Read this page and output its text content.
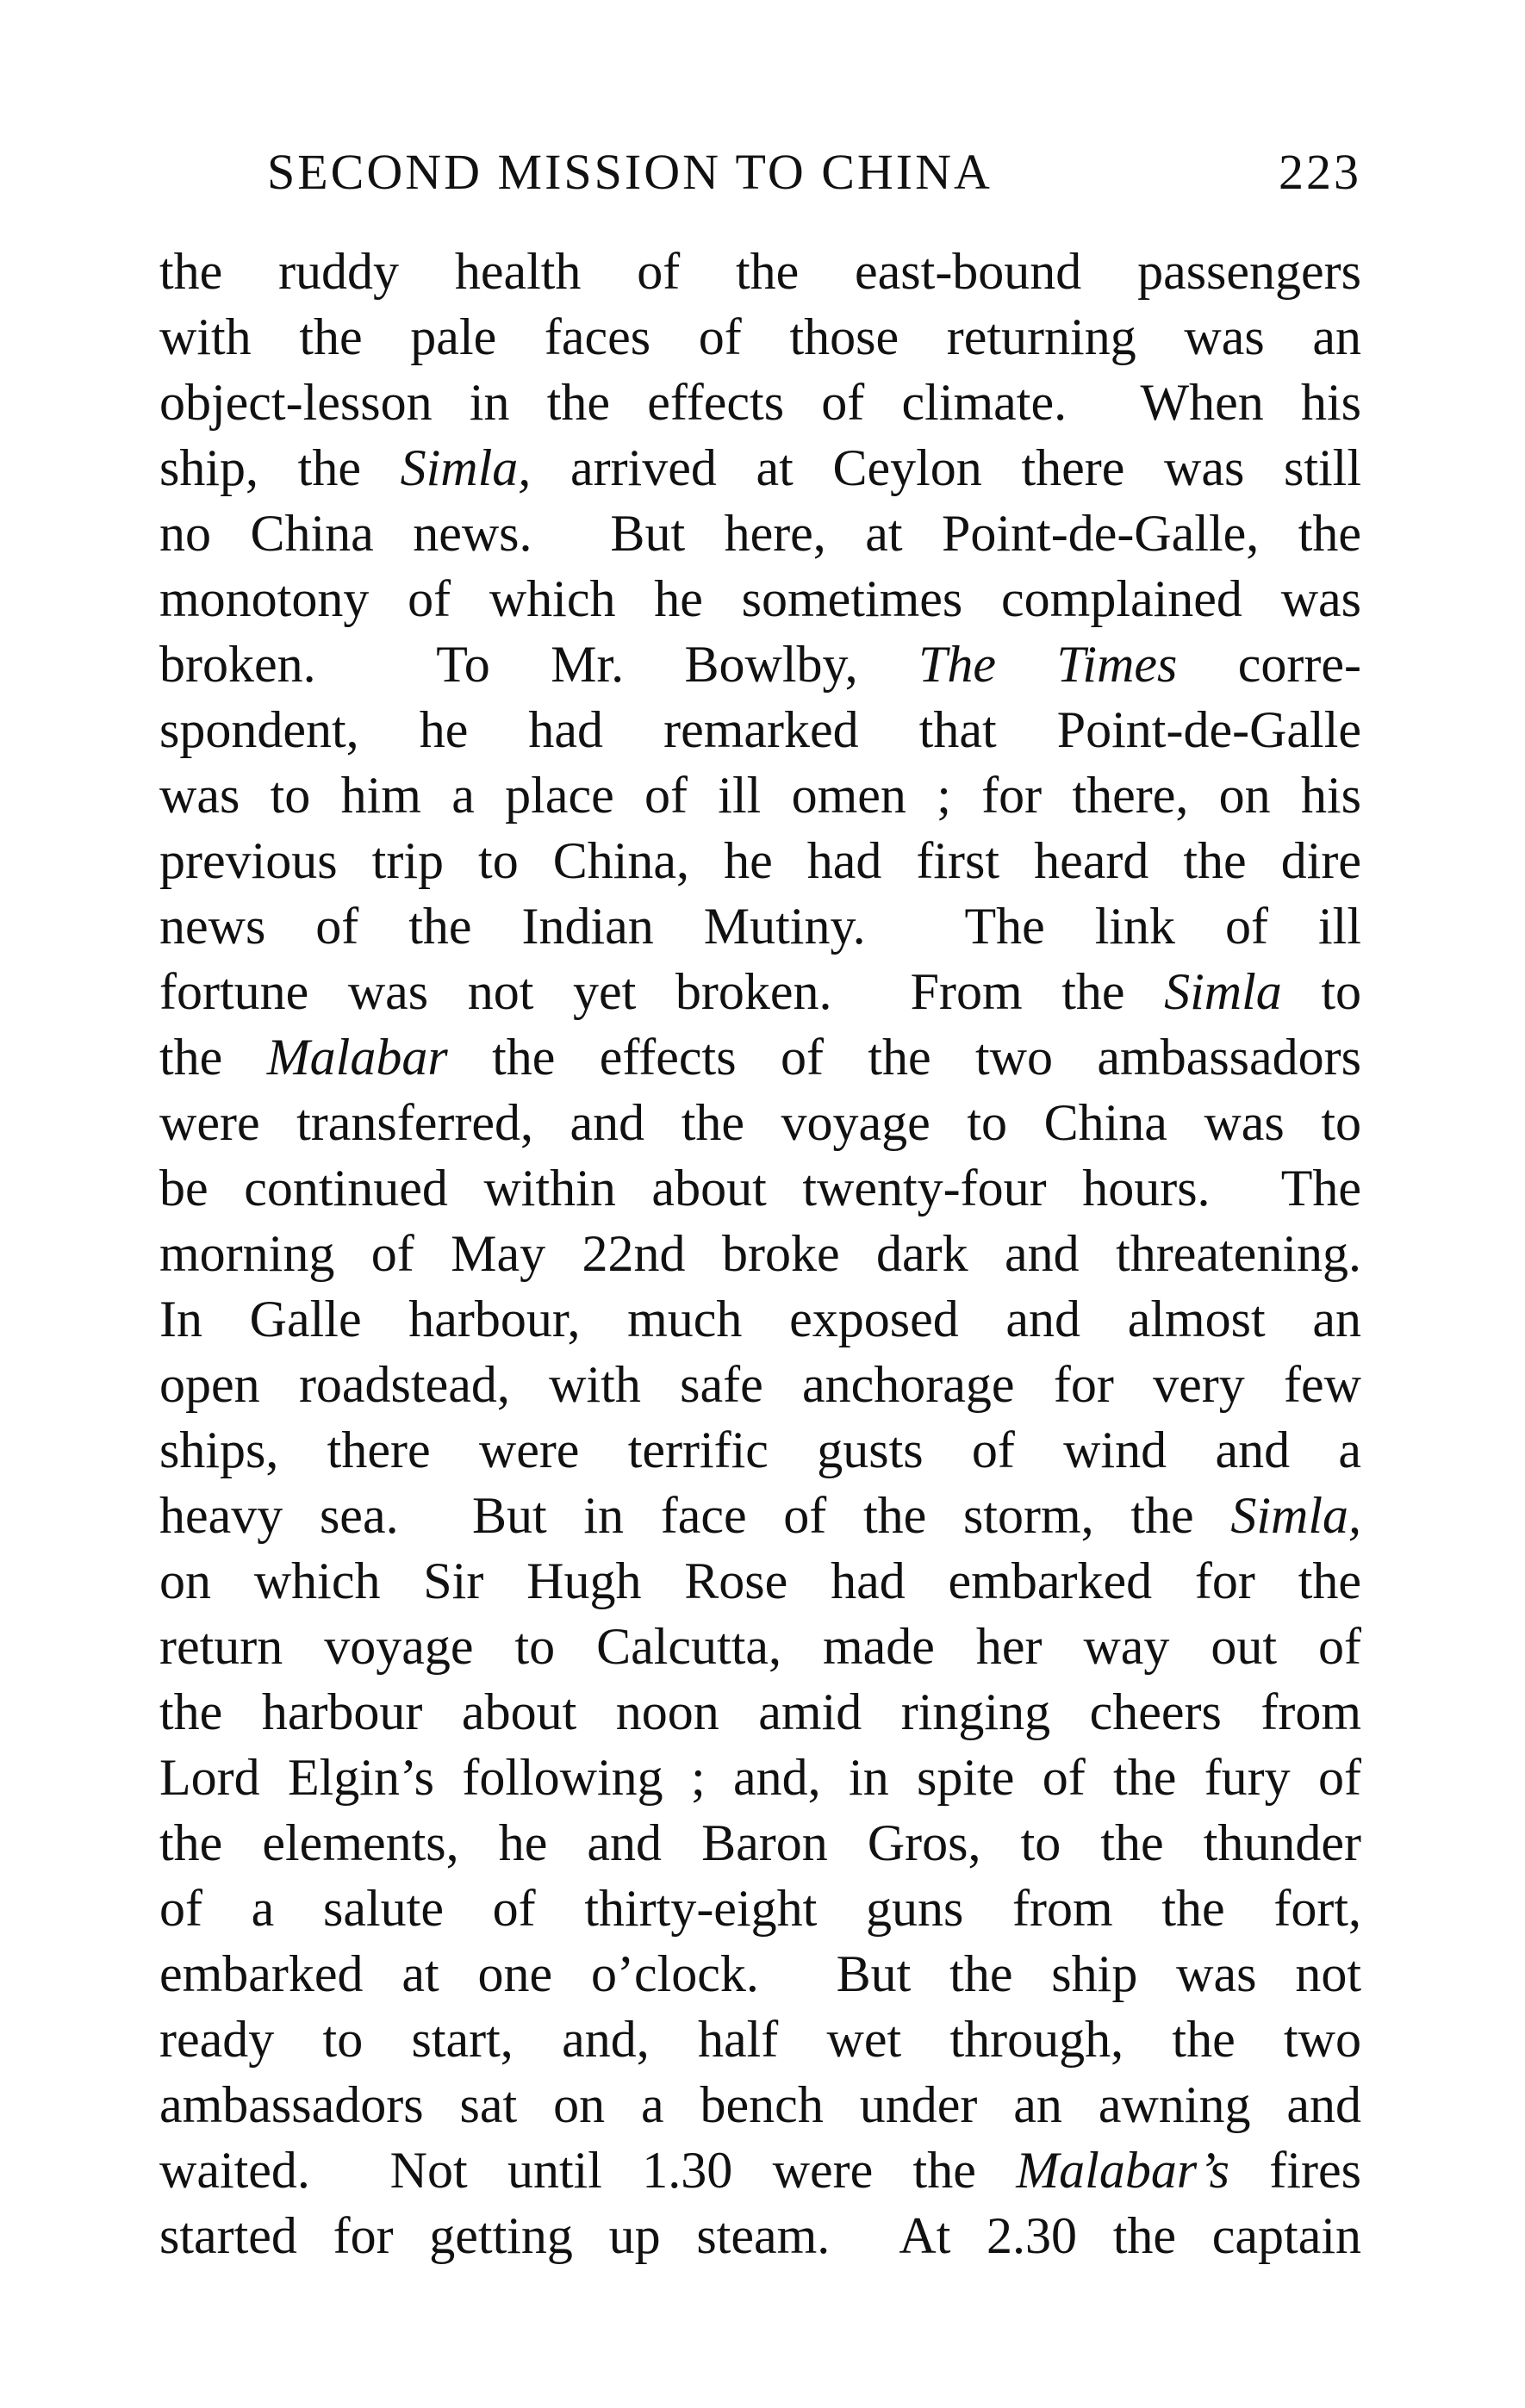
SECOND MISSION TO CHINA	223
the ruddy health of the east-bound passengers
with the pale faces of those returning was an
object-lesson in the effects of climate.  When his
ship, the Simla, arrived at Ceylon there was still
no China news.  But here, at Point-de-Galle, the
monotony of which he sometimes complained was
broken.  To Mr. Bowlby, The Times corre-
spondent, he had remarked that Point-de-Galle
was to him a place of ill omen ; for there, on his
previous trip to China, he had first heard the dire
news of the Indian Mutiny.  The link of ill
fortune was not yet broken.  From the Simla to
the Malabar the effects of the two ambassadors
were transferred, and the voyage to China was to
be continued within about twenty-four hours.  The
morning of May 22nd broke dark and threatening.
In Galle harbour, much exposed and almost an
open roadstead, with safe anchorage for very few
ships, there were terrific gusts of wind and a
heavy sea.  But in face of the storm, the Simla,
on which Sir Hugh Rose had embarked for the
return voyage to Calcutta, made her way out of
the harbour about noon amid ringing cheers from
Lord Elgin’s following ; and, in spite of the fury of
the elements, he and Baron Gros, to the thunder
of a salute of thirty-eight guns from the fort,
embarked at one o’clock.  But the ship was not
ready to start, and, half wet through, the two
ambassadors sat on a bench under an awning and
waited.  Not until 1.30 were the Malabar’s fires
started for getting up steam.  At 2.30 the captain
